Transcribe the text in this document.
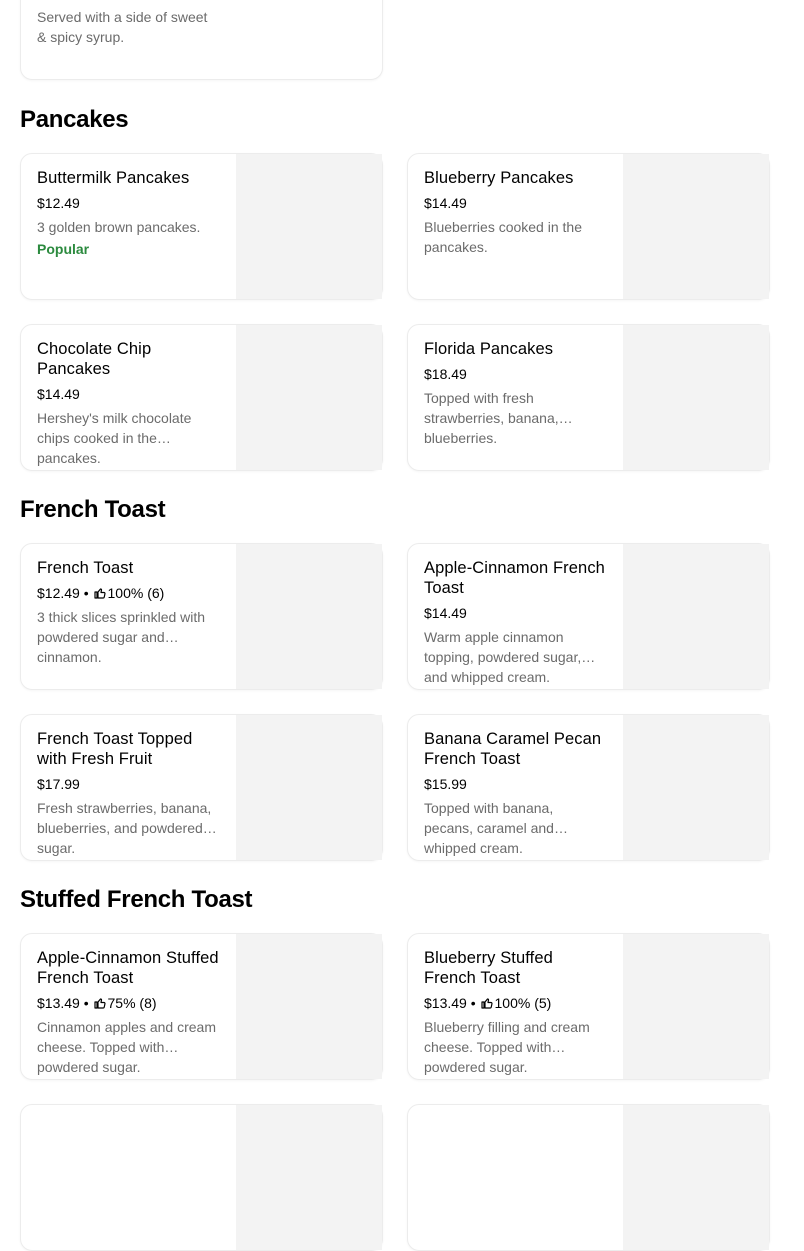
Served with a side of sweet & spicy syrup.
Pancakes
Buttermilk Pancakes
$12.49
3 golden brown pancakes.
Popular
Blueberry Pancakes
$14.49
Blueberries cooked in the pancakes.
Chocolate Chip Pancakes
$14.49
Hershey's milk chocolate chips cooked in the pancakes.
Florida Pancakes
$18.49
Topped with fresh strawberries, banana, blueberries.
French Toast
French Toast
$12.49 • 100% (6)
3 thick slices sprinkled with powdered sugar and cinnamon.
Apple-Cinnamon French Toast
$14.49
Warm apple cinnamon topping, powdered sugar, and whipped cream.
French Toast Topped with Fresh Fruit
$17.99
Fresh strawberries, banana, blueberries, and powdered sugar.
Banana Caramel Pecan French Toast
$15.99
Topped with banana, pecans, caramel and whipped cream.
Stuffed French Toast
Apple-Cinnamon Stuffed French Toast
$13.49 • 75% (8)
Cinnamon apples and cream cheese. Topped with powdered sugar.
Blueberry Stuffed French Toast
$13.49 • 100% (5)
Blueberry filling and cream cheese. Topped with powdered sugar.
